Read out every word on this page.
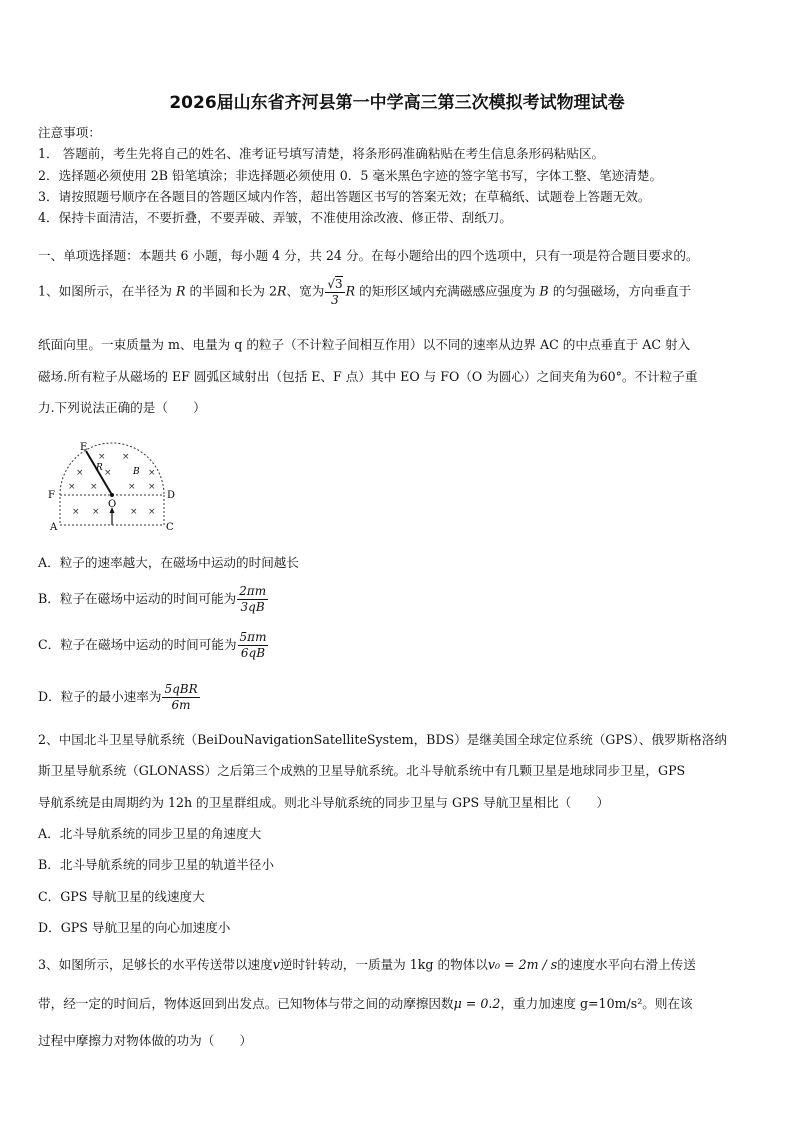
2026届山东省齐河县第一中学高三第三次模拟考试物理试卷
注意事项：
1． 答题前，考生先将自己的姓名、准考证号填写清楚，将条形码准确粘贴在考生信息条形码粘贴区。
2．选择题必须使用 2B 铅笔填涂；非选择题必须使用 0．5 毫米黑色字迹的签字笔书写，字体工整、笔迹清楚。
3．请按照题号顺序在各题目的答题区域内作答，超出答题区书写的答案无效；在草稿纸、试题卷上答题无效。
4．保持卡面清洁，不要折叠，不要弄破、弄皱，不准使用涂改液、修正带、刮纸刀。
一、单项选择题：本题共 6 小题，每小题 4 分，共 24 分。在每小题给出的四个选项中，只有一项是符合题目要求的。
1、如图所示，在半径为 R 的半圆和长为 2R、宽为 $\frac{√3}{3}$ R 的矩形区域内充满磁感应强度为 B 的匀强磁场，方向垂直于
纸面向里。一束质量为 m、电量为 q 的粒子（不计粒子间相互作用）以不同的速率从边界 AC 的中点垂直于 AC 射入
磁场.所有粒子从磁场的 EF 圆弧区域射出（包括 E、F 点）其中 EO 与 FO（O 为圆心）之间夹角为60°。不计粒子重
力.下列说法正确的是（　　）
E
F	D
A	C
O
R	B
× ×
× ×	×
× ×	× ×
× ×	× ×
A．粒子的速率越大，在磁场中运动的时间越长
B．粒子在磁场中运动的时间可能为 $\frac{2\pi m}{3qB}$
C．粒子在磁场中运动的时间可能为 $\frac{5\pi m}{6qB}$
D．粒子的最小速率为 $\frac{\text{5qBR}}{6m}$
2、中国北斗卫星导航系统（BeiDouNavigationSatelliteSystem，BDS）是继美国全球定位系统（GPS）、俄罗斯格洛纳
斯卫星导航系统（GLONASS）之后第三个成熟的卫星导航系统。北斗导航系统中有几颗卫星是地球同步卫星，GPS
导航系统是由周期约为 12h 的卫星群组成。则北斗导航系统的同步卫星与 GPS 导航卫星相比（　　）
A．北斗导航系统的同步卫星的角速度大
B．北斗导航系统的同步卫星的轨道半径小
C．GPS 导航卫星的线速度大
D．GPS 导航卫星的向心加速度小
3、如图所示，足够长的水平传送带以速度v逆时针转动，一质量为 1kg 的物体以v₀ = 2m / s的速度水平向右滑上传送
带，经一定的时间后，物体返回到出发点。已知物体与带之间的动摩擦因数μ = 0.2，重力加速度 g=10m/s²。则在该
过程中摩擦力对物体做的功为（　　）
